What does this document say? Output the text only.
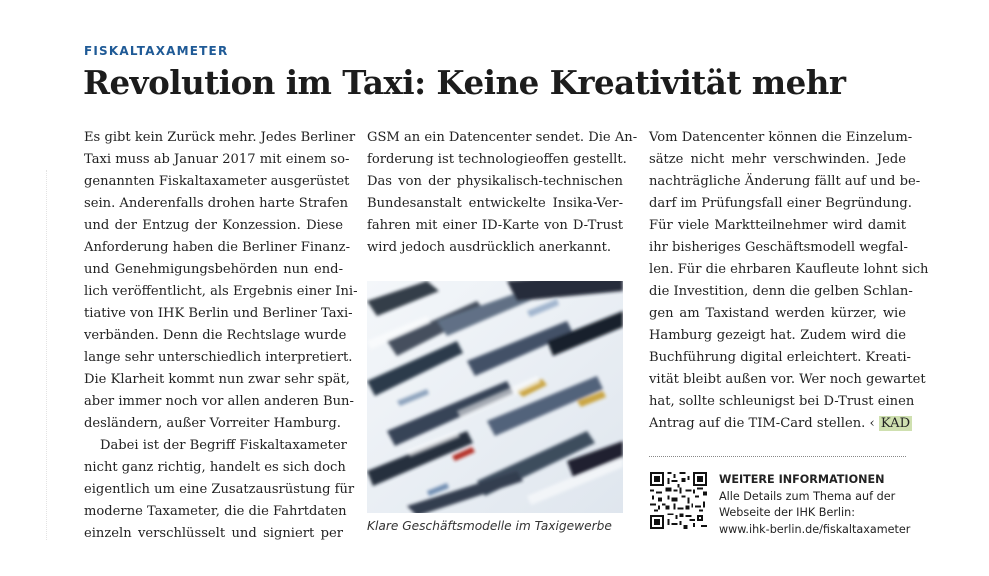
FISKALTAXAMETER
Revolution im Taxi: Keine Kreativität mehr
Es gibt kein Zurück mehr. Jedes Berliner
Taxi muss ab Januar 2017 mit einem so-
genannten Fiskaltaxameter ausgerüstet
sein. Anderenfalls drohen harte Strafen
und der Entzug der Konzession. Diese
Anforderung haben die Berliner Finanz-
und Genehmigungsbehörden nun end-
lich veröffentlicht, als Ergebnis einer Ini-
tiative von IHK Berlin und Berliner Taxi-
verbänden. Denn die Rechtslage wurde
lange sehr unterschiedlich interpretiert.
Die Klarheit kommt nun zwar sehr spät,
aber immer noch vor allen anderen Bun-
desländern, außer Vorreiter Hamburg.
Dabei ist der Begriff Fiskaltaxameter
nicht ganz richtig, handelt es sich doch
eigentlich um eine Zusatzausrüstung für
moderne Taxameter, die die Fahrtdaten
einzeln verschlüsselt und signiert per
GSM an ein Datencenter sendet. Die An-
forderung ist technologieoffen gestellt.
Das von der physikalisch-technischen
Bundesanstalt entwickelte Insika-Ver-
fahren mit einer ID-Karte von D-Trust
wird jedoch ausdrücklich anerkannt.
Klare Geschäftsmodelle im Taxigewerbe
Vom Datencenter können die Einzelum-
sätze nicht mehr verschwinden. Jede
nachträgliche Änderung fällt auf und be-
darf im Prüfungsfall einer Begründung.
Für viele Marktteilnehmer wird damit
ihr bisheriges Geschäftsmodell wegfal-
len. Für die ehrbaren Kaufleute lohnt sich
die Investition, denn die gelben Schlan-
gen am Taxistand werden kürzer, wie
Hamburg gezeigt hat. Zudem wird die
Buchführung digital erleichtert. Kreati-
vität bleibt außen vor. Wer noch gewartet
hat, sollte schleunigst bei D-Trust einen
Antrag auf die TIM-Card stellen. ‹ KAD
WEITERE INFORMATIONEN
Alle Details zum Thema auf der
Webseite der IHK Berlin:
www.ihk-berlin.de/fiskaltaxameter
